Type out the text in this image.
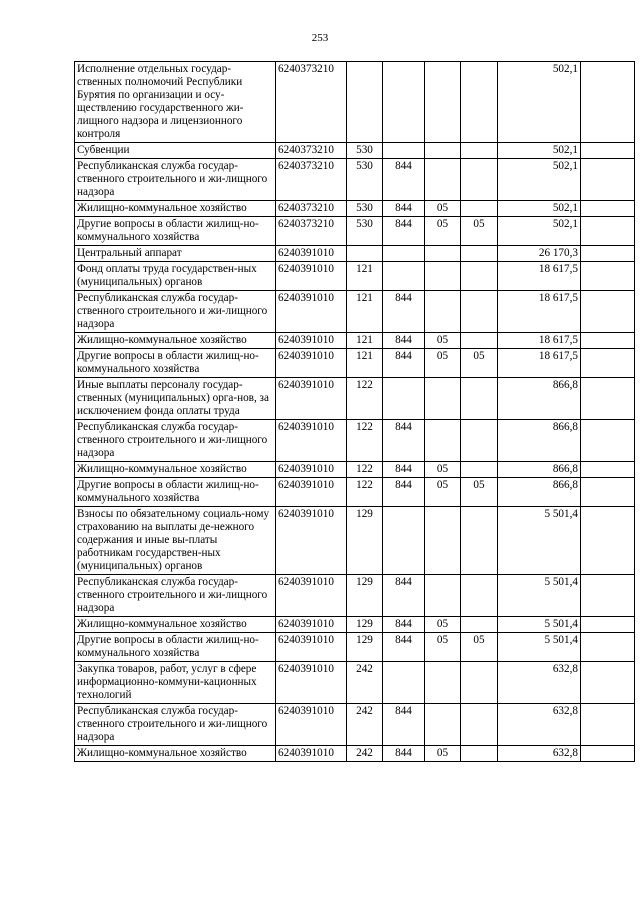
253
Исполнение отдельных государ-ственных полномочий Республики Бурятия по организации и осу-ществлению государственного жи-лищного надзора и лицензионного контроля	6240373210					502,1	
Субвенции	6240373210	530				502,1	
Республиканская служба государ-ственного строительного и жи-лищного надзора	6240373210	530	844			502,1	
Жилищно-коммунальное хозяйство	6240373210	530	844	05		502,1	
Другие вопросы в области жилищ-но-коммунального хозяйства	6240373210	530	844	05	05	502,1	
Центральный аппарат	6240391010					26 170,3	
Фонд оплаты труда государствен-ных (муниципальных) органов	6240391010	121				18 617,5	
Республиканская служба государ-ственного строительного и жи-лищного надзора	6240391010	121	844			18 617,5	
Жилищно-коммунальное хозяйство	6240391010	121	844	05		18 617,5	
Другие вопросы в области жилищ-но-коммунального хозяйства	6240391010	121	844	05	05	18 617,5	
Иные выплаты персоналу государ-ственных (муниципальных) орга-нов, за исключением фонда оплаты труда	6240391010	122				866,8	
Республиканская служба государ-ственного строительного и жи-лищного надзора	6240391010	122	844			866,8	
Жилищно-коммунальное хозяйство	6240391010	122	844	05		866,8	
Другие вопросы в области жилищ-но-коммунального хозяйства	6240391010	122	844	05	05	866,8	
Взносы по обязательному социаль-ному страхованию на выплаты де-нежного содержания и иные вы-платы работникам государствен-ных (муниципальных) органов	6240391010	129				5 501,4	
Республиканская служба государ-ственного строительного и жи-лищного надзора	6240391010	129	844			5 501,4	
Жилищно-коммунальное хозяйство	6240391010	129	844	05		5 501,4	
Другие вопросы в области жилищ-но-коммунального хозяйства	6240391010	129	844	05	05	5 501,4	
Закупка товаров, работ, услуг в сфере информационно-коммуни-кационных технологий	6240391010	242				632,8	
Республиканская служба государ-ственного строительного и жи-лищного надзора	6240391010	242	844			632,8	
Жилищно-коммунальное хозяйство	6240391010	242	844	05		632,8	
